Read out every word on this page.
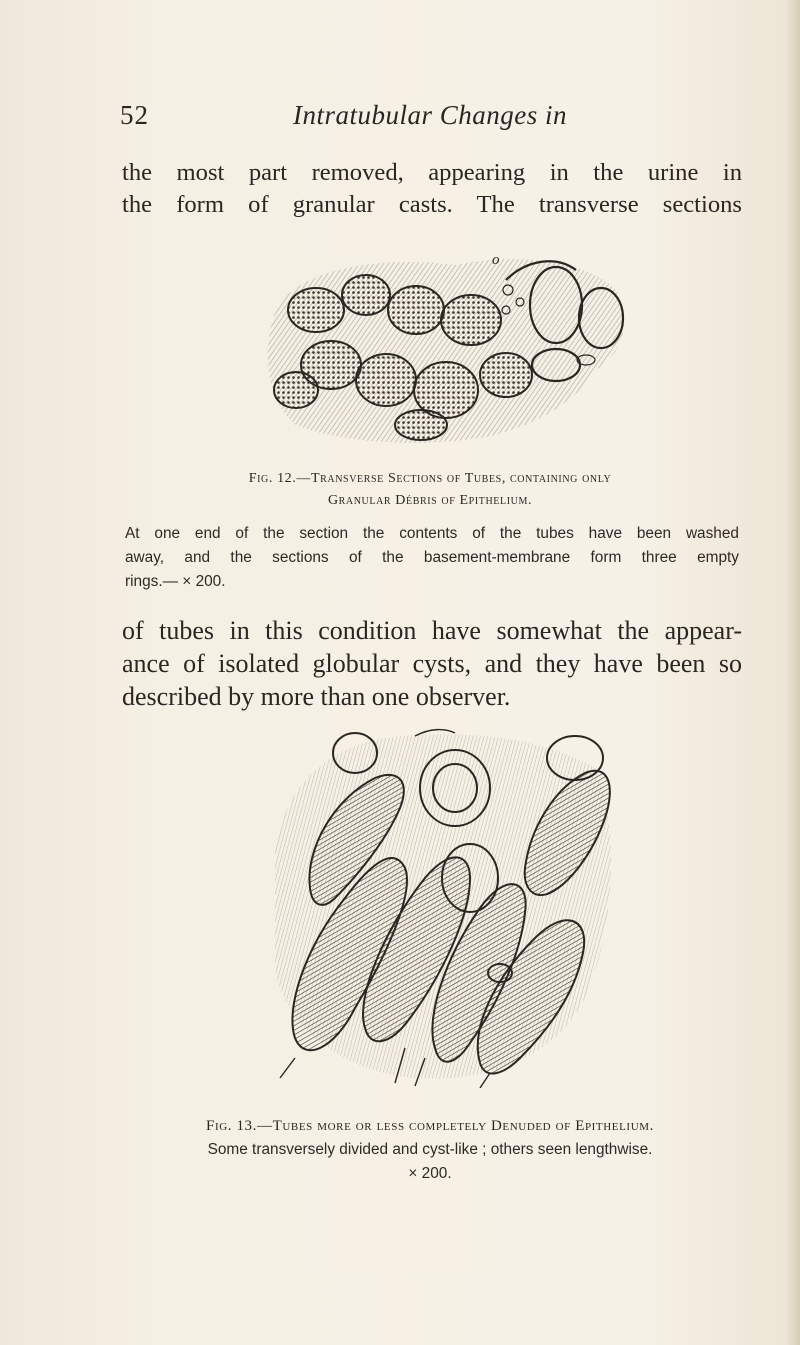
52	Intratubular Changes in
the most part removed, appearing in the urine in
the form of granular casts. The transverse sections
o
Fig. 12.—Transverse Sections of Tubes, containing only
Granular Débris of Epithelium.
At one end of the section the contents of the tubes have been washed
away, and the sections of the basement-membrane form three empty
rings.— × 200.
of tubes in this condition have somewhat the appear-
ance of isolated globular cysts, and they have been so
described by more than one observer.
Fig. 13.—Tubes more or less completely Denuded of Epithelium.
Some transversely divided and cyst-like ; others seen lengthwise.
× 200.
